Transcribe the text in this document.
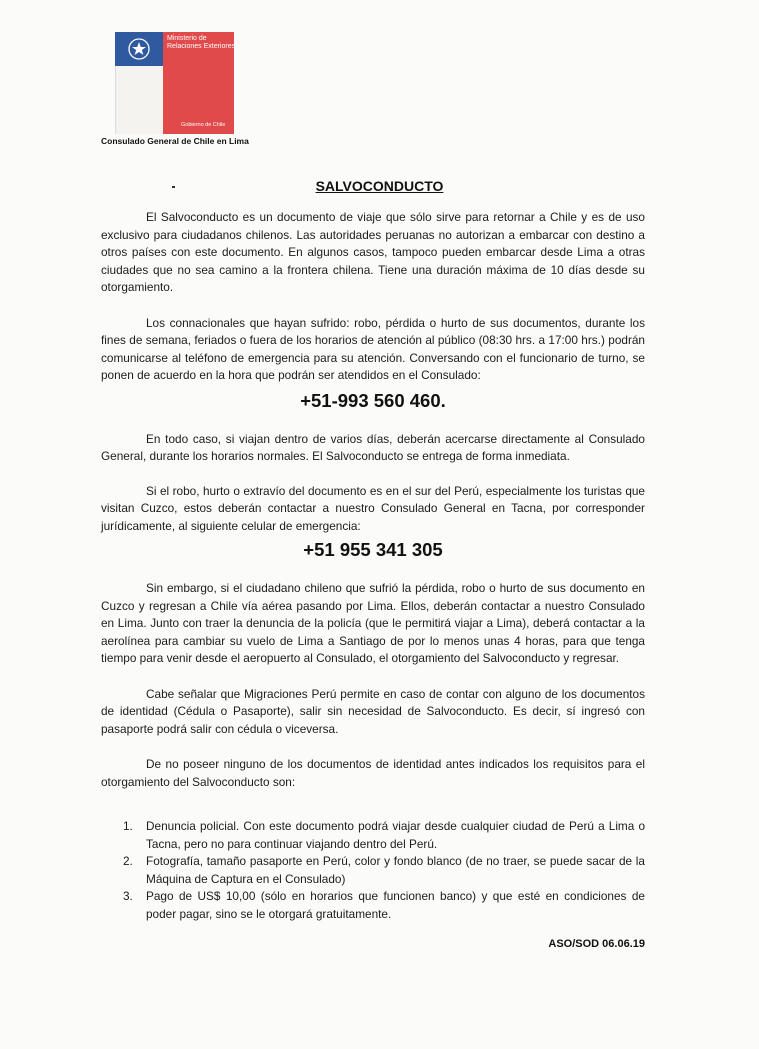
Ministerio de Relaciones Exteriores
Gobierno de Chile
Consulado General de Chile en Lima
SALVOCONDUCTO

El Salvoconducto es un documento de viaje que sólo sirve para retornar a Chile y es de uso exclusivo para ciudadanos chilenos. Las autoridades peruanas no autorizan a embarcar con destino a otros países con este documento. En algunos casos, tampoco pueden embarcar desde Lima a otras ciudades que no sea camino a la frontera chilena. Tiene una duración máxima de 10 días desde su otorgamiento.

Los connacionales que hayan sufrido: robo, pérdida o hurto de sus documentos, durante los fines de semana, feriados o fuera de los horarios de atención al público (08:30 hrs. a 17:00 hrs.) podrán comunicarse al teléfono de emergencia para su atención. Conversando con el funcionario de turno, se ponen de acuerdo en la hora que podrán ser atendidos en el Consulado:

+51-993 560 460.

En todo caso, si viajan dentro de varios días, deberán acercarse directamente al Consulado General, durante los horarios normales. El Salvoconducto se entrega de forma inmediata.

Si el robo, hurto o extravío del documento es en el sur del Perú, especialmente los turistas que visitan Cuzco, estos deberán contactar a nuestro Consulado General en Tacna, por corresponder jurídicamente, al siguiente celular de emergencia:

+51 955 341 305

Sin embargo, si el ciudadano chileno que sufrió la pérdida, robo o hurto de sus documento en Cuzco y regresan a Chile vía aérea pasando por Lima. Ellos, deberán contactar a nuestro Consulado en Lima. Junto con traer la denuncia de la policía (que le permitirá viajar a Lima), deberá contactar a la aerolínea para cambiar su vuelo de Lima a Santiago de por lo menos unas 4 horas, para que tenga tiempo para venir desde el aeropuerto al Consulado, el otorgamiento del Salvoconducto y regresar.

Cabe señalar que Migraciones Perú permite en caso de contar con alguno de los documentos de identidad (Cédula o Pasaporte), salir sin necesidad de Salvoconducto. Es decir, sí ingresó con pasaporte podrá salir con cédula o viceversa.

De no poseer ninguno de los documentos de identidad antes indicados los requisitos para el otorgamiento del Salvoconducto son:

1. Denuncia policial. Con este documento podrá viajar desde cualquier ciudad de Perú a Lima o Tacna, pero no para continuar viajando dentro del Perú.
2. Fotografía, tamaño pasaporte en Perú, color y fondo blanco (de no traer, se puede sacar de la Máquina de Captura en el Consulado)
3. Pago de US$ 10,00 (sólo en horarios que funcionen banco) y que esté en condiciones de poder pagar, sino se le otorgará gratuitamente.
ASO/SOD 06.06.19
